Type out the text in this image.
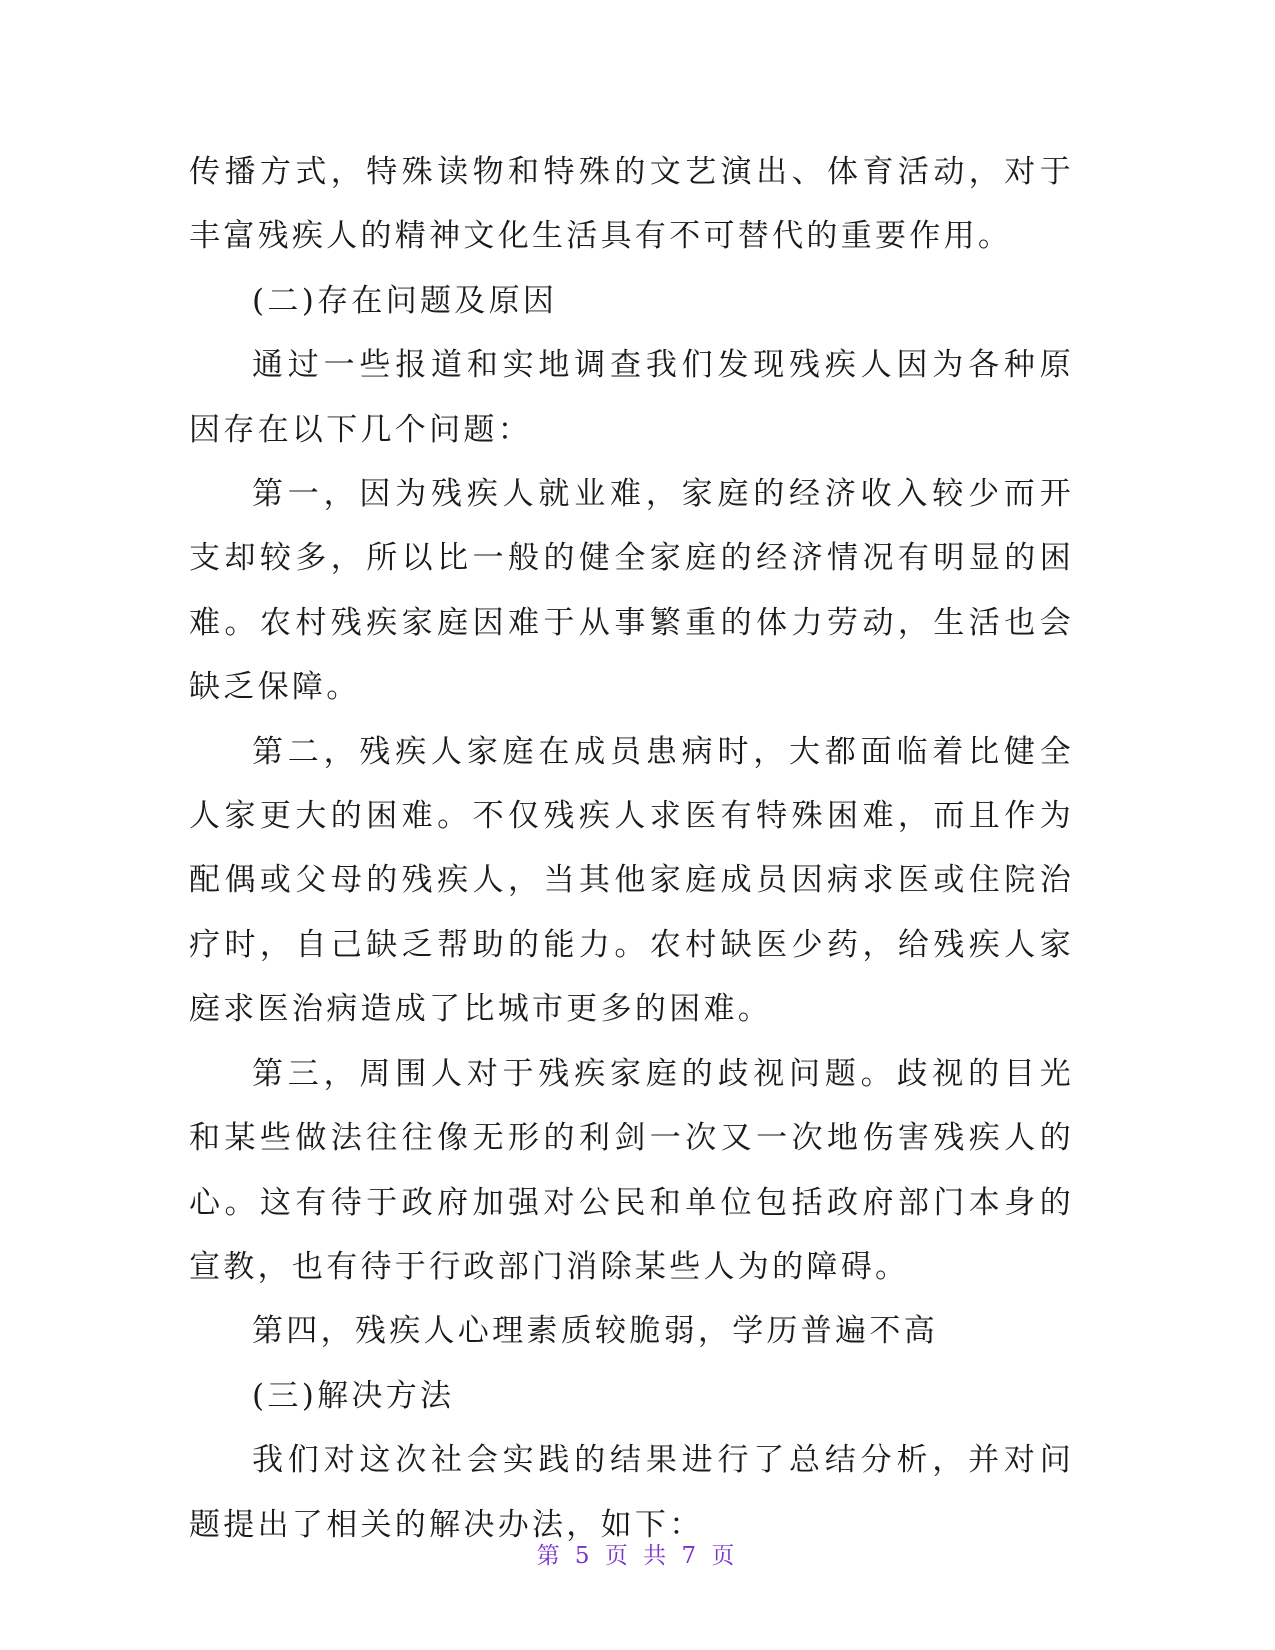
传播方式，特殊读物和特殊的文艺演出、体育活动，对于丰富残疾人的精神文化生活具有不可替代的重要作用。

(二)存在问题及原因

通过一些报道和实地调查我们发现残疾人因为各种原因存在以下几个问题：

第一，因为残疾人就业难，家庭的经济收入较少而开支却较多，所以比一般的健全家庭的经济情况有明显的困难。农村残疾家庭因难于从事繁重的体力劳动，生活也会缺乏保障。

第二，残疾人家庭在成员患病时，大都面临着比健全人家更大的困难。不仅残疾人求医有特殊困难，而且作为配偶或父母的残疾人，当其他家庭成员因病求医或住院治疗时，自己缺乏帮助的能力。农村缺医少药，给残疾人家庭求医治病造成了比城市更多的困难。

第三，周围人对于残疾家庭的歧视问题。歧视的目光和某些做法往往像无形的利剑一次又一次地伤害残疾人的心。这有待于政府加强对公民和单位包括政府部门本身的宣教，也有待于行政部门消除某些人为的障碍。

第四，残疾人心理素质较脆弱，学历普遍不高

(三)解决方法

我们对这次社会实践的结果进行了总结分析，并对问题提出了相关的解决办法，如下：

第 5 页 共 7 页
